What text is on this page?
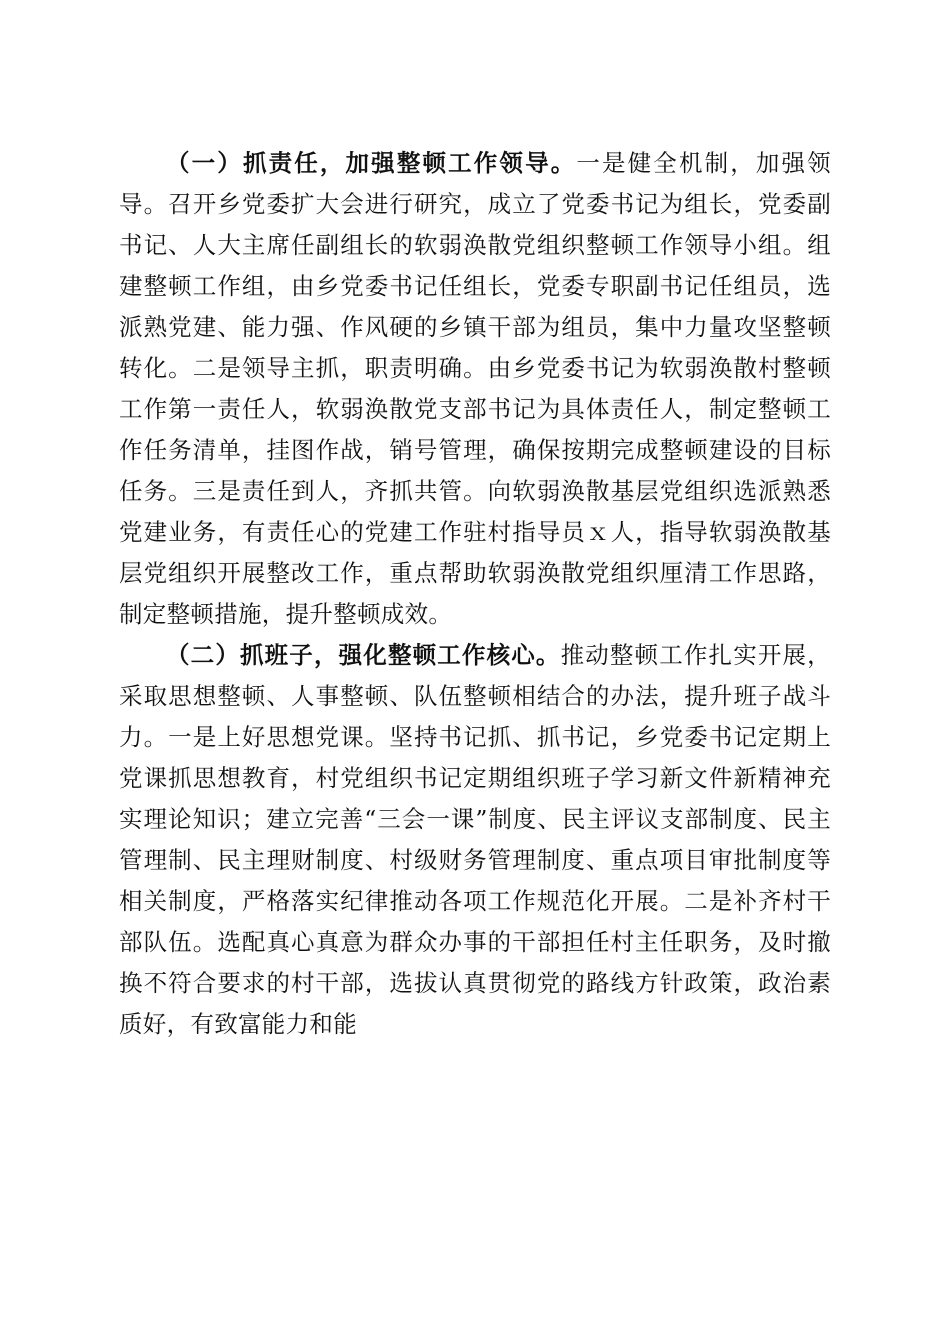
（一）抓责任，加强整顿工作领导。一是健全机制，加强领导。召开乡党委扩大会进行研究，成立了党委书记为组长，党委副书记、人大主席任副组长的软弱涣散党组织整顿工作领导小组。组建整顿工作组，由乡党委书记任组长，党委专职副书记任组员，选派熟党建、能力强、作风硬的乡镇干部为组员，集中力量攻坚整顿转化。二是领导主抓，职责明确。由乡党委书记为软弱涣散村整顿工作第一责任人，软弱涣散党支部书记为具体责任人，制定整顿工作任务清单，挂图作战，销号管理，确保按期完成整顿建设的目标任务。三是责任到人，齐抓共管。向软弱涣散基层党组织选派熟悉党建业务，有责任心的党建工作驻村指导员ｘ人，指导软弱涣散基层党组织开展整改工作，重点帮助软弱涣散党组织厘清工作思路，制定整顿措施，提升整顿成效。

（二）抓班子，强化整顿工作核心。推动整顿工作扎实开展，采取思想整顿、人事整顿、队伍整顿相结合的办法，提升班子战斗力。一是上好思想党课。坚持书记抓、抓书记，乡党委书记定期上党课抓思想教育，村党组织书记定期组织班子学习新文件新精神充实理论知识；建立完善“三会一课”制度、民主评议支部制度、民主管理制、民主理财制度、村级财务管理制度、重点项目审批制度等相关制度，严格落实纪律推动各项工作规范化开展。二是补齐村干部队伍。选配真心真意为群众办事的干部担任村主任职务，及时撤换不符合要求的村干部，选拔认真贯彻党的路线方针政策，政治素质好，有致富能力和能
